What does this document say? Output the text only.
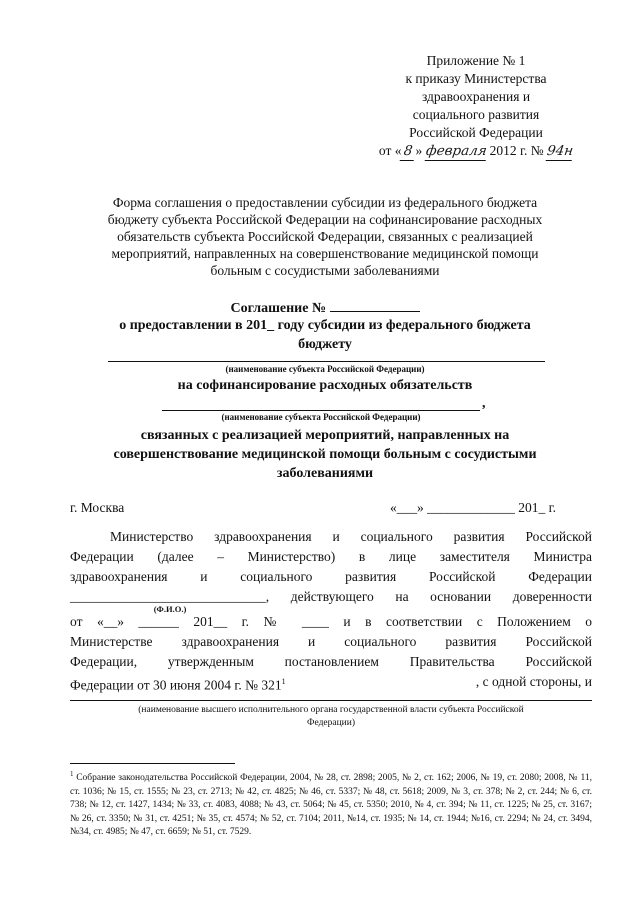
Приложение № 1
к приказу Министерства
здравоохранения и
социального развития
Российской Федерации
от « 8 » февраля 2012 г. № 94н
Форма соглашения о предоставлении субсидии из федерального бюджета
бюджету субъекта Российской Федерации на софинансирование расходных
обязательств субъекта Российской Федерации, связанных с реализацией
мероприятий, направленных на совершенствование медицинской помощи
больным с сосудистыми заболеваниями
Соглашение №
о предоставлении в 201_ году субсидии из федерального бюджета
бюджету
(наименование субъекта Российской Федерации)
на софинансирование расходных обязательств
,
(наименование субъекта Российской Федерации)
связанных с реализацией мероприятий, направленных на
совершенствование медицинской помощи больным с сосудистыми
заболеваниями
г. Москва	«___» _____________ 201_ г.
Министерство здравоохранения и социального развития Российской
Федерации (далее – Министерство) в лице заместителя Министра
здравоохранения и социального развития Российской Федерации
_____________________________, действующего на основании доверенности
(Ф.И.О.)
от «__» ______ 201__ г. № ____ и в соответствии с Положением о
Министерстве здравоохранения и социального развития Российской
Федерации, утвержденным постановлением Правительства Российской
Федерации от 30 июня 2004 г. № $321^1$	, с одной стороны, и
(наименование высшего исполнительного органа государственной власти субъекта Российской
Федерации)
$^1$ Собрание законодательства Российской Федерации, 2004, № 28, ст. 2898; 2005, № 2, ст. 162; 2006, № 19, ст. 2080; 2008, № 11, ст. 1036; № 15, ст. 1555; № 23, ст. 2713; № 42, ст. 4825; № 46, ст. 5337; № 48, ст. 5618; 2009, № 3, ст. 378; № 2, ст. 244; № 6, ст. 738; № 12, ст. 1427, 1434; № 33, ст. 4083, 4088; № 43, ст. 5064; № 45, ст. 5350; 2010, № 4, ст. 394; № 11, ст. 1225; № 25, ст. 3167; № 26, ст. 3350; № 31, ст. 4251; № 35, ст. 4574; № 52, ст. 7104; 2011, №14, ст. 1935; № 14, ст. 1944; №16, ст. 2294; № 24, ст. 3494, №34, ст. 4985; № 47, ст. 6659; № 51, ст. 7529.
